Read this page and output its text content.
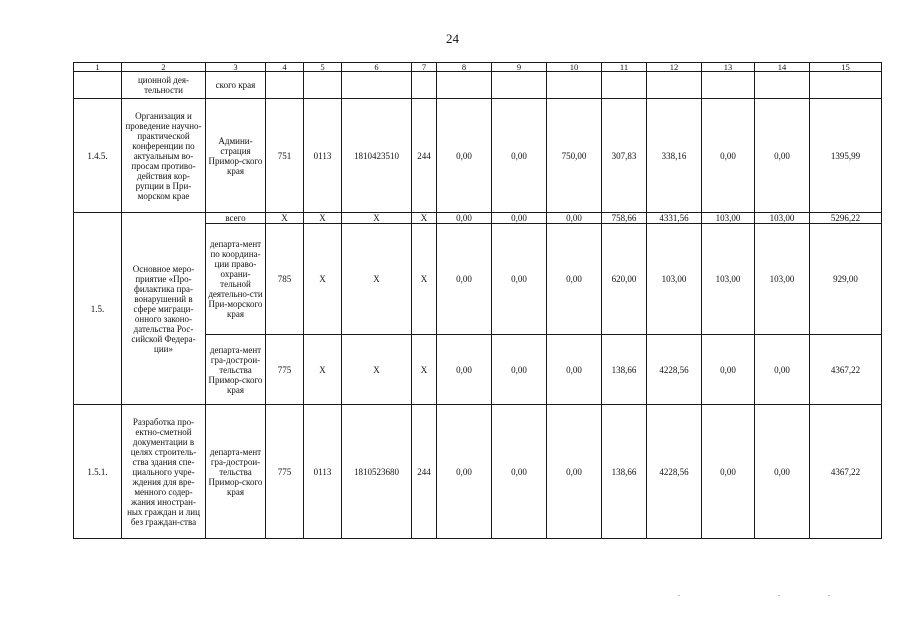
24
1	2	3	4	5	6	7	8	9	10	11	12	13	14	15
	ционной дея-тельности	ского края												
1.4.5.	Организация и проведение научно-практической конференции по актуальным во-просам противо-действия кор-рупции в При-морском крае	Админи-страция Примор-ского края	751	0113	1810423510	244	0,00	0,00	750,00	307,83	338,16	0,00	0,00	1395,99
1.5.	Основное меро-приятие «Про-филактика пра-вонарушений в сфере миграци-онного законо-дательства Рос-сийской Федера-ции»	всего	X	X	X	X	0,00	0,00	0,00	758,66	4331,56	103,00	103,00	5296,22
		департа-мент по координа-ции право-охрани-тельной деятельно-сти При-морского края	785	X	X	X	0,00	0,00	0,00	620,00	103,00	103,00	103,00	929,00
		департа-мент гра-дострои-тельства Примор-ского края	775	X	X	X	0,00	0,00	0,00	138,66	4228,56	0,00	0,00	4367,22
1.5.1.	Разработка про-ектно-сметной документации в целях строитель-ства здания спе-циального учре-ждения для вре-менного содер-жания иностран-ных граждан и лиц без граждан-ства	департа-мент гра-дострои-тельства Примор-ского края	775	0113	1810523680	244	0,00	0,00	0,00	138,66	4228,56	0,00	0,00	4367,22
